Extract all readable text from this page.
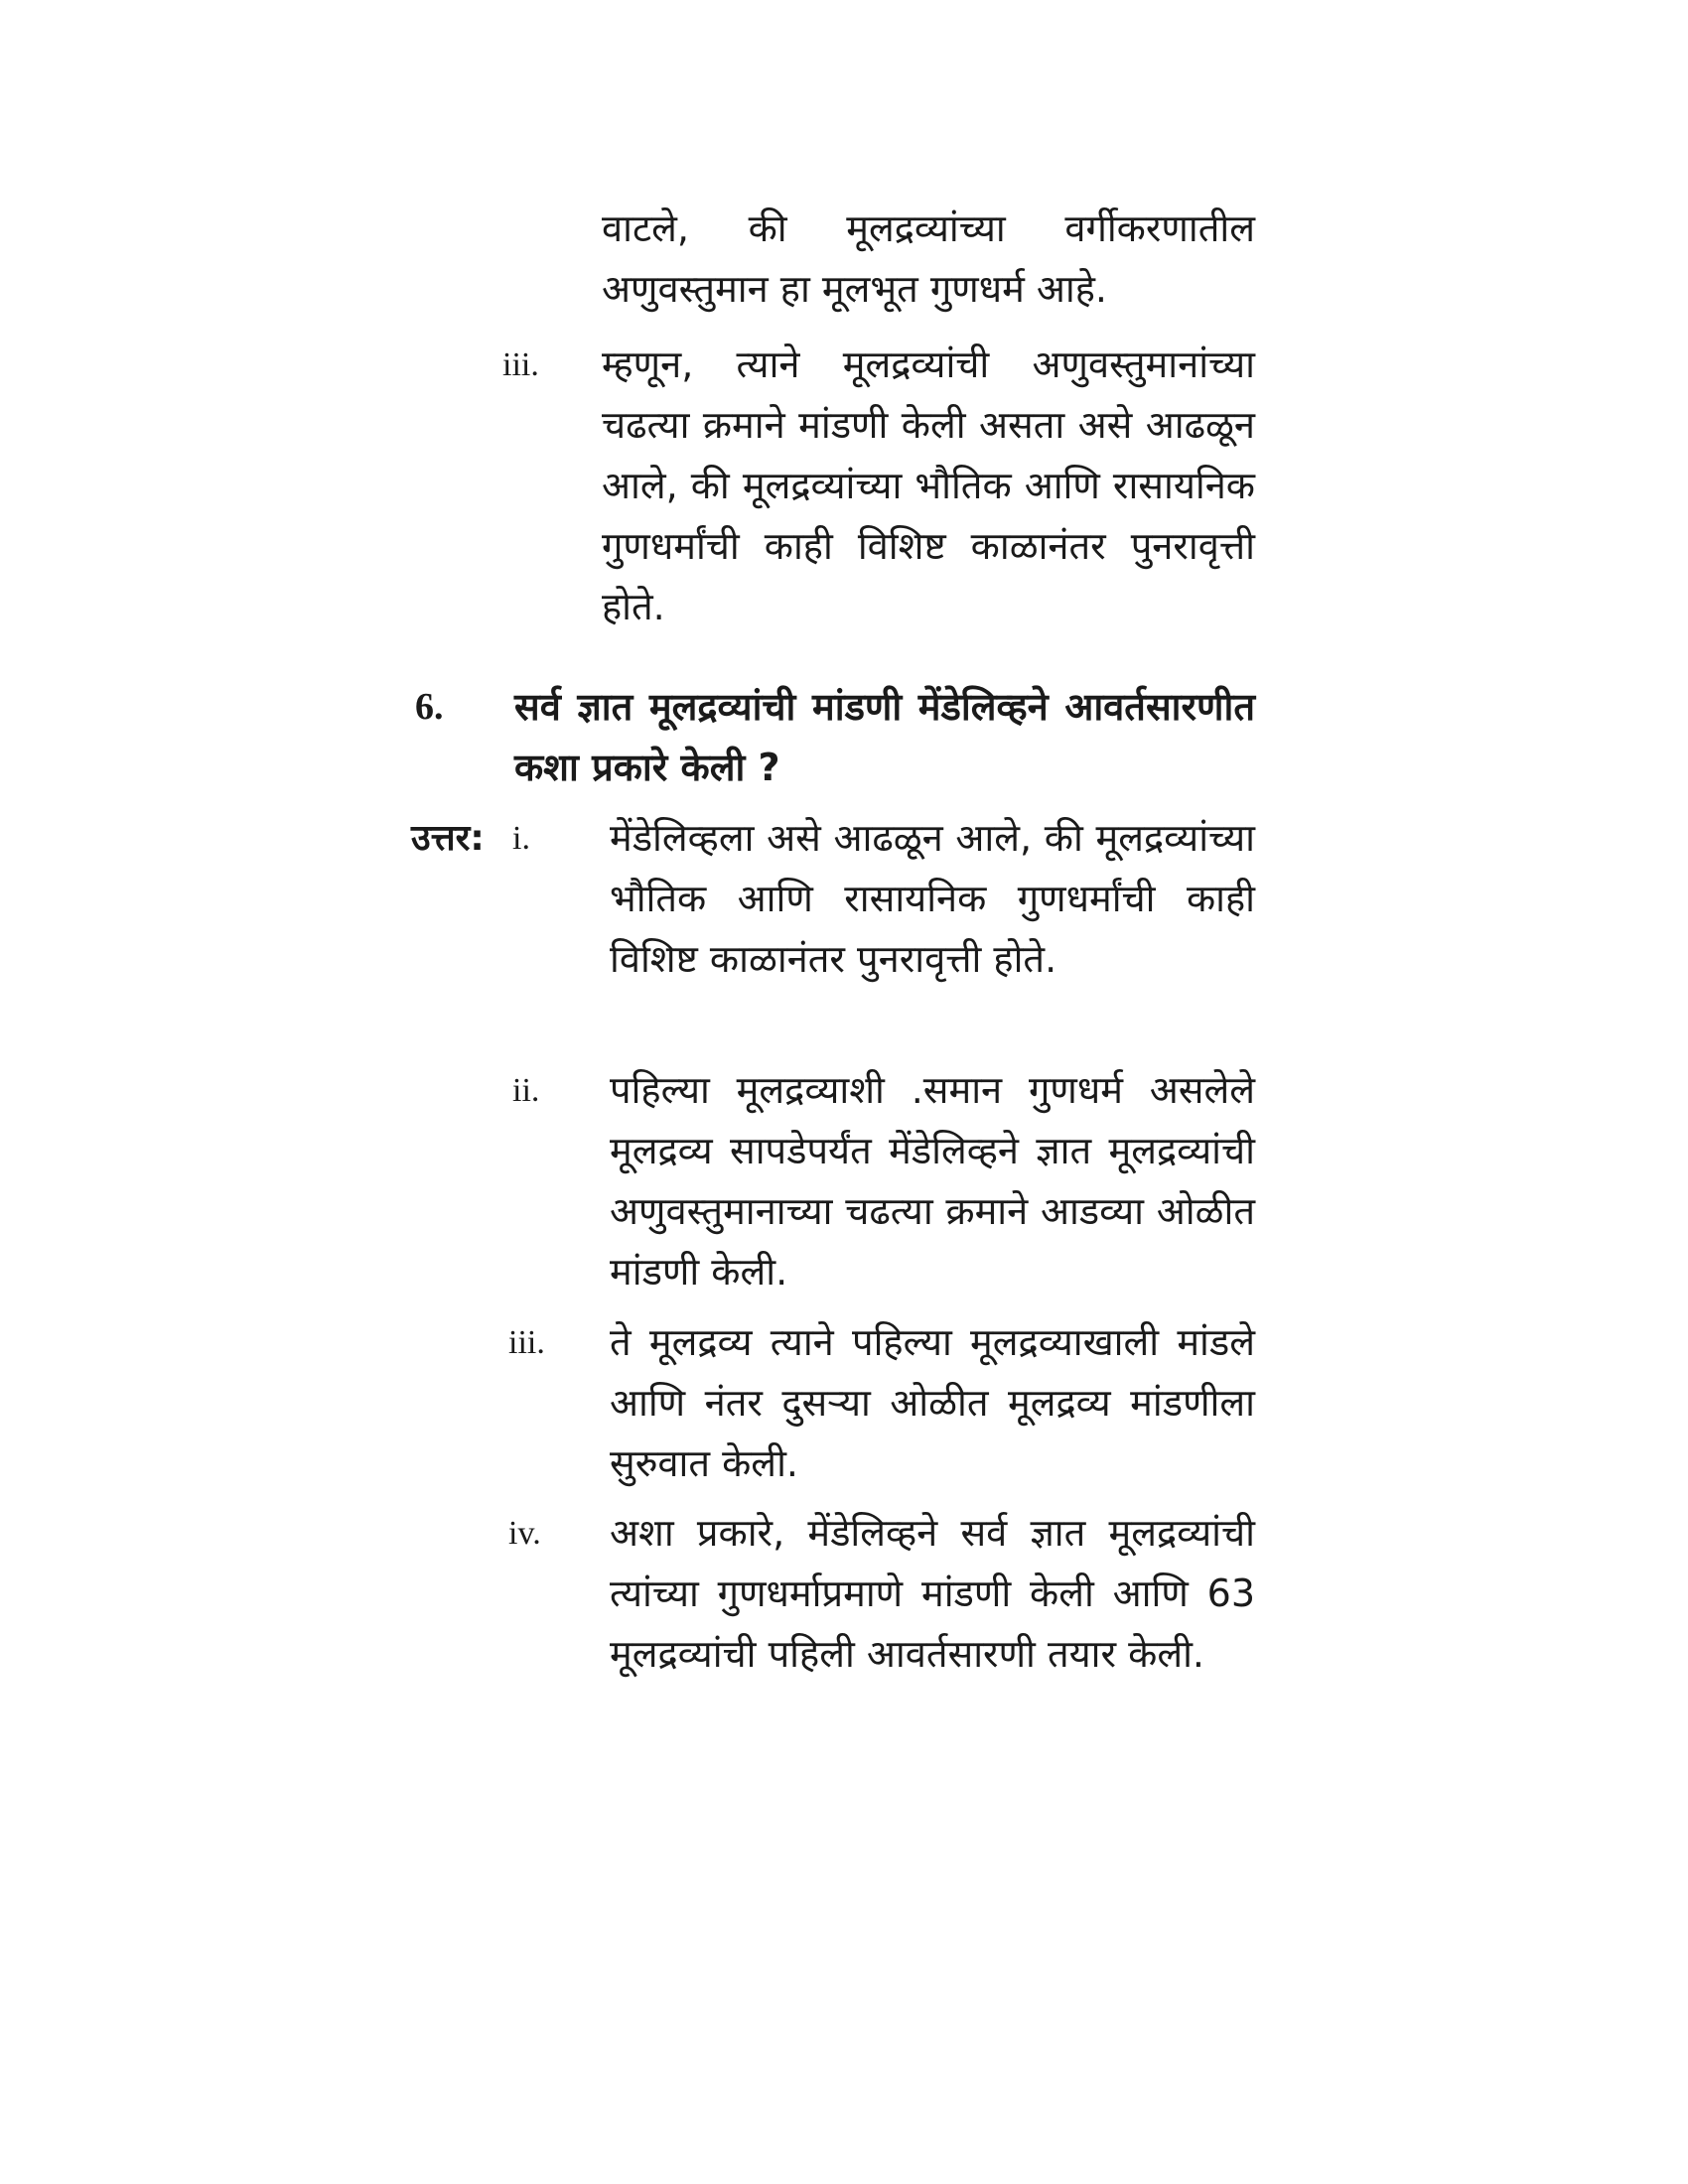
वाटले, की मूलद्रव्यांच्या वर्गीकरणातील अणुवस्तुमान हा मूलभूत गुणधर्म आहे.
iii. म्हणून, त्याने मूलद्रव्यांची अणुवस्तुमानांच्या चढत्या क्रमाने मांडणी केली असता असे आढळून आले, की मूलद्रव्यांच्या भौतिक आणि रासायनिक गुणधर्मांची काही विशिष्ट काळानंतर पुनरावृत्ती होते.
6. सर्व ज्ञात मूलद्रव्यांची मांडणी मेंडेलिव्हने आवर्तसारणीत कशा प्रकारे केली ?
उत्तर: i. मेंडेलिव्हला असे आढळून आले, की मूलद्रव्यांच्या भौतिक आणि रासायनिक गुणधर्मांची काही विशिष्ट काळानंतर पुनरावृत्ती होते.
ii. पहिल्या मूलद्रव्याशी .समान गुणधर्म असलेले मूलद्रव्य सापडेपर्यंत मेंडेलिव्हने ज्ञात मूलद्रव्यांची अणुवस्तुमानाच्या चढत्या क्रमाने आडव्या ओळीत मांडणी केली.
iii. ते मूलद्रव्य त्याने पहिल्या मूलद्रव्याखाली मांडले आणि नंतर दुसऱ्या ओळीत मूलद्रव्य मांडणीला सुरुवात केली.
iv. अशा प्रकारे, मेंडेलिव्हने सर्व ज्ञात मूलद्रव्यांची त्यांच्या गुणधर्माप्रमाणे मांडणी केली आणि 63 मूलद्रव्यांची पहिली आवर्तसारणी तयार केली.
